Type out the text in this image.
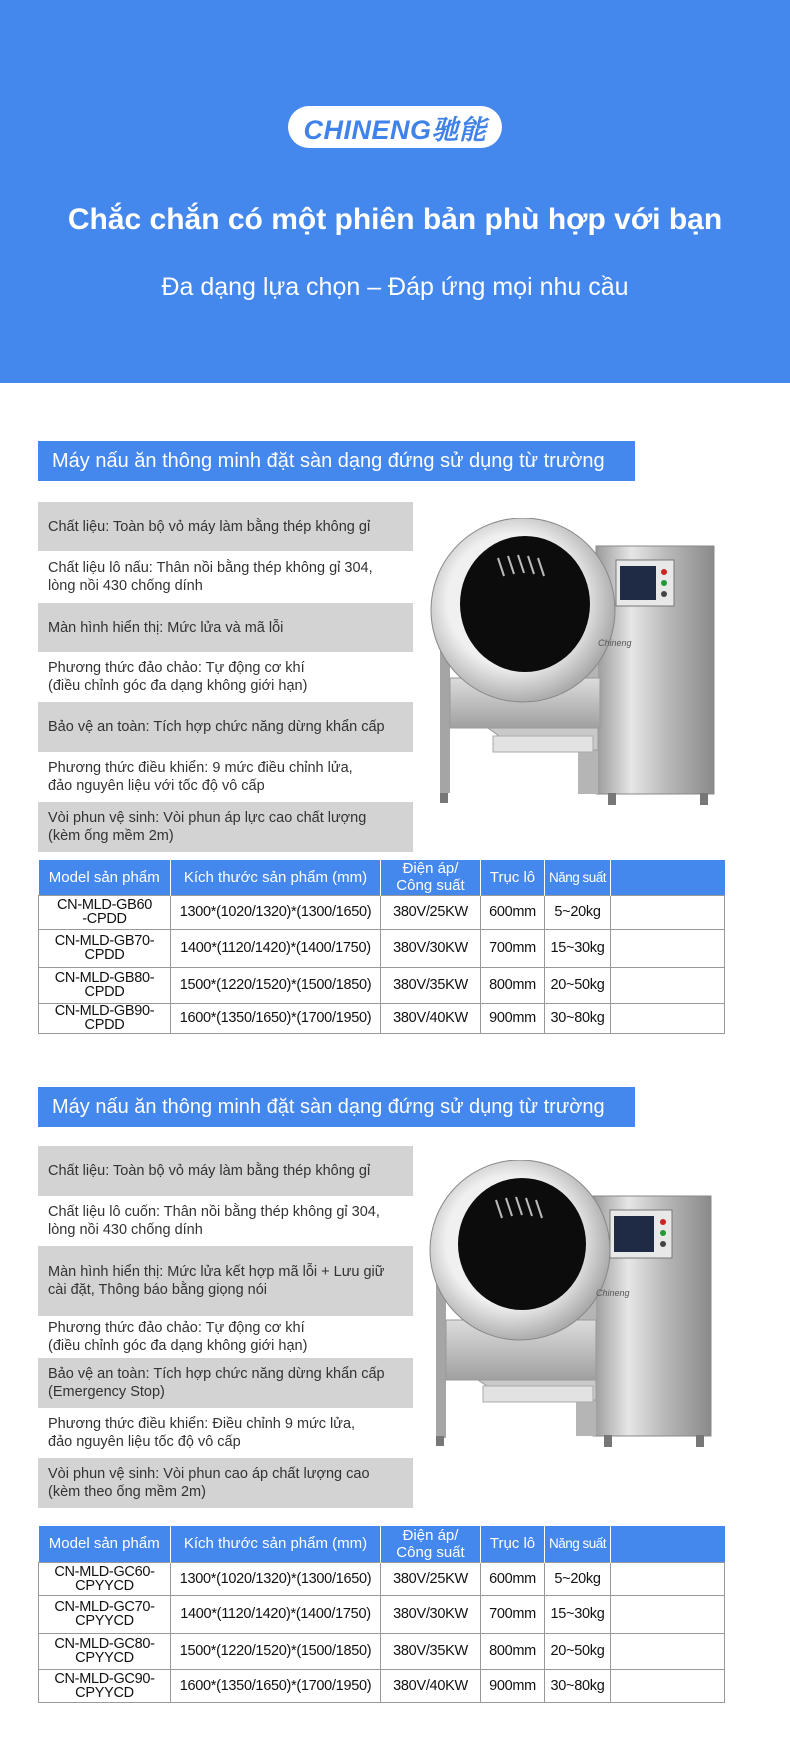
CHINENG驰能
Chắc chắn có một phiên bản phù hợp với bạn
Đa dạng lựa chọn – Đáp ứng mọi nhu cầu
Máy nấu ăn thông minh đặt sàn dạng đứng sử dụng từ trường
Chất liệu: Toàn bộ vỏ máy làm bằng thép không gỉ
Chất liệu lô nấu: Thân nồi bằng thép không gỉ 304,
lòng nồi 430 chống dính
Màn hình hiển thị: Mức lửa và mã lỗi
Phương thức đảo chảo: Tự động cơ khí
(điều chỉnh góc đa dạng không giới hạn)
Bảo vệ an toàn: Tích hợp chức năng dừng khẩn cấp
Phương thức điều khiển: 9 mức điều chỉnh lửa,
đảo nguyên liệu với tốc độ vô cấp
Vòi phun vệ sinh: Vòi phun áp lực cao chất lượng
(kèm ống mềm 2m)
Chineng
Model sản phẩm	Kích thước sản phẩm (mm)	Điện áp/ Công suất	Trục lô	Năng suất	

CN-MLD-GB60
-CPDD	1300*(1020/1320)*(1300/1650)	380V/25KW	600mm	5~20kg	

CN-MLD-GB70-
CPDD	1400*(1120/1420)*(1400/1750)	380V/30KW	700mm	15~30kg	

CN-MLD-GB80-
CPDD	1500*(1220/1520)*(1500/1850)	380V/35KW	800mm	20~50kg	

CN-MLD-GB90-
CPDD	1600*(1350/1650)*(1700/1950)	380V/40KW	900mm	30~80kg	
Máy nấu ăn thông minh đặt sàn dạng đứng sử dụng từ trường
Chất liệu: Toàn bộ vỏ máy làm bằng thép không gỉ
Chất liệu lô cuốn: Thân nồi bằng thép không gỉ 304,
lòng nồi 430 chống dính
Màn hình hiển thị: Mức lửa kết hợp mã lỗi + Lưu giữ
cài đặt, Thông báo bằng giọng nói
Phương thức đảo chảo: Tự động cơ khí
(điều chỉnh góc đa dạng không giới hạn)
Bảo vệ an toàn: Tích hợp chức năng dừng khẩn cấp
(Emergency Stop)
Phương thức điều khiển: Điều chỉnh 9 mức lửa,
đảo nguyên liệu tốc độ vô cấp
Vòi phun vệ sinh: Vòi phun cao áp chất lượng cao
(kèm theo ống mềm 2m)
Chineng
Model sản phẩm	Kích thước sản phẩm (mm)	Điện áp/ Công suất	Trục lô	Năng suất	

CN-MLD-GC60-
CPYYCD	1300*(1020/1320)*(1300/1650)	380V/25KW	600mm	5~20kg	

CN-MLD-GC70-
CPYYCD	1400*(1120/1420)*(1400/1750)	380V/30KW	700mm	15~30kg	

CN-MLD-GC80-
CPYYCD	1500*(1220/1520)*(1500/1850)	380V/35KW	800mm	20~50kg	

CN-MLD-GC90-
CPYYCD	1600*(1350/1650)*(1700/1950)	380V/40KW	900mm	30~80kg	
